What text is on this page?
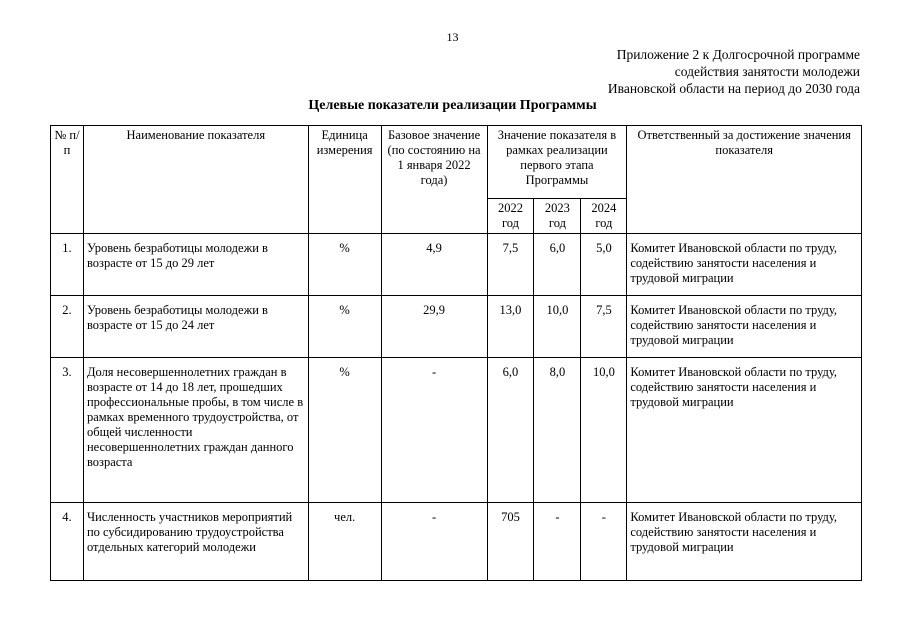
13
Приложение 2 к Долгосрочной программе
содействия занятости молодежи
Ивановской области на период до 2030 года
Целевые показатели реализации Программы
№ п/п	Наименование показателя	Единица измерения	Базовое значение (по состоянию на 1 января 2022 года)	Значение показателя в рамках реализации первого этапа Программы			Ответственный за достижение значения показателя
				2022 год	2023 год	2024 год	
1.	Уровень безработицы молодежи в возрасте от 15 до 29 лет	%	4,9	7,5	6,0	5,0	Комитет Ивановской области по труду, содействию занятости населения и трудовой миграции
2.	Уровень безработицы молодежи в возрасте от 15 до 24 лет	%	29,9	13,0	10,0	7,5	Комитет Ивановской области по труду, содействию занятости населения и трудовой миграции
3.	Доля несовершеннолетних граждан в возрасте от 14 до 18 лет, прошедших профессиональные пробы, в том числе в рамках временного трудоустройства, от общей численности несовершеннолетних граждан данного возраста	%	-	6,0	8,0	10,0	Комитет Ивановской области по труду, содействию занятости населения и трудовой миграции
4.	Численность участников мероприятий по субсидированию трудоустройства отдельных категорий молодежи	чел.	-	705	-	-	Комитет Ивановской области по труду, содействию занятости населения и трудовой миграции
